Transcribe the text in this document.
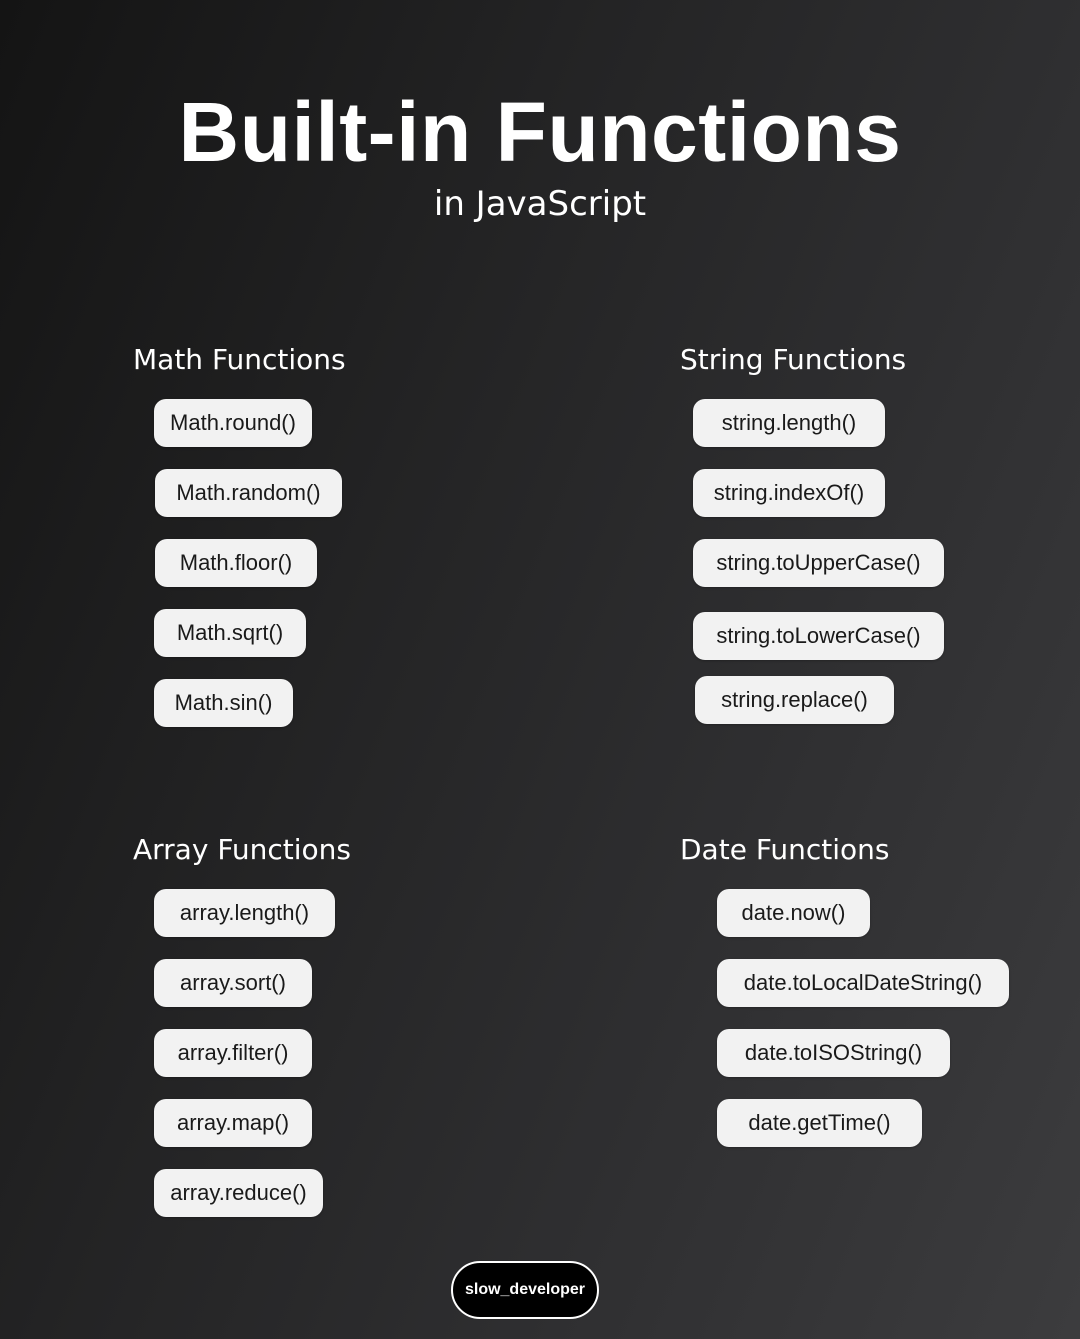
Built-in Functions
in JavaScript
Math Functions
Math.round()
Math.random()
Math.floor()
Math.sqrt()
Math.sin()
String Functions
string.length()
string.indexOf()
string.toUpperCase()
string.toLowerCase()
string.replace()
Array Functions
array.length()
array.sort()
array.filter()
array.map()
array.reduce()
Date Functions
date.now()
date.toLocalDateString()
date.toISOString()
date.getTime()
slow_developer
